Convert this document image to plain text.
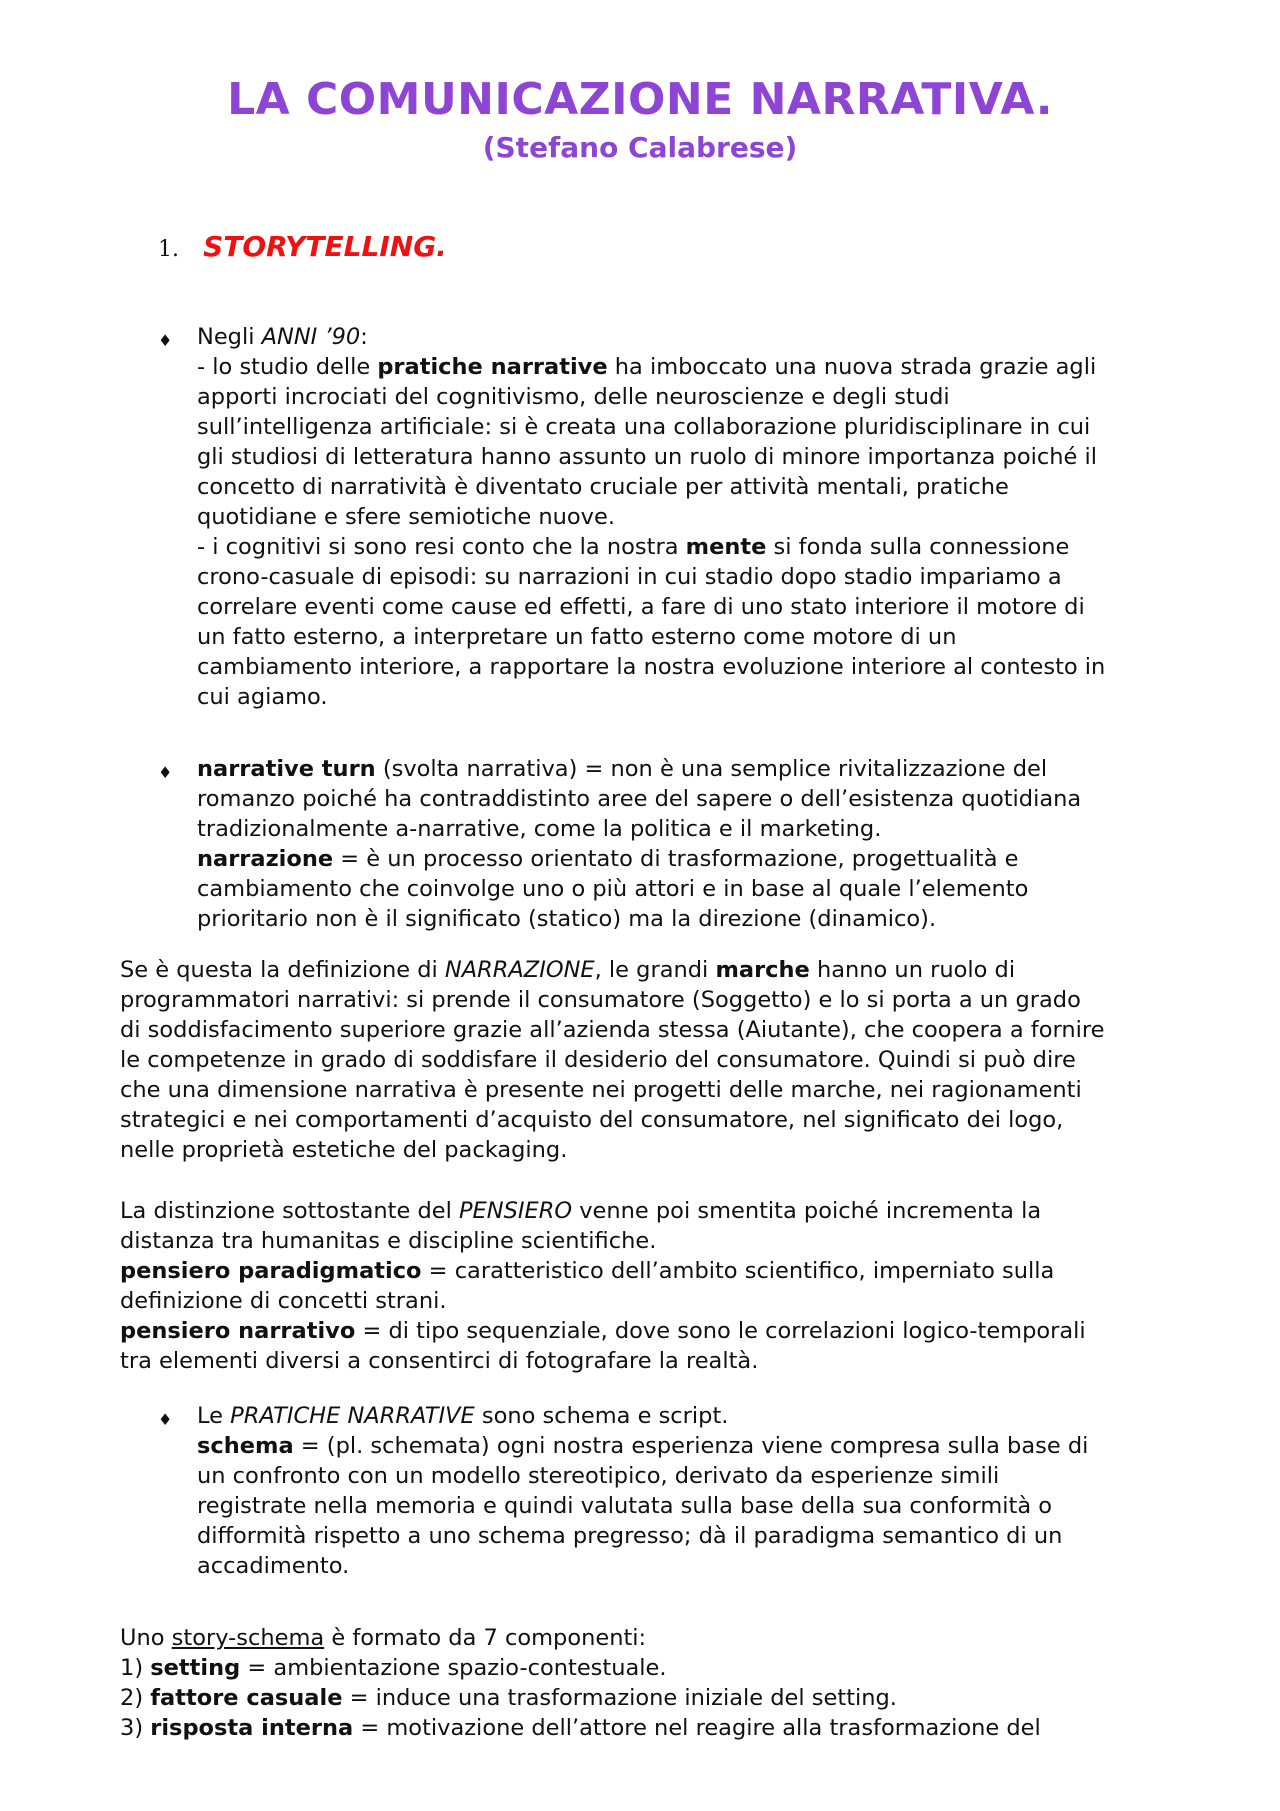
LA COMUNICAZIONE NARRATIVA.
(Stefano Calabrese)
1. STORYTELLING.
♦ Negli ANNI ’90:
- lo studio delle pratiche narrative ha imboccato una nuova strada grazie agli
apporti incrociati del cognitivismo, delle neuroscienze e degli studi
sull’intelligenza artificiale: si è creata una collaborazione pluridisciplinare in cui
gli studiosi di letteratura hanno assunto un ruolo di minore importanza poiché il
concetto di narratività è diventato cruciale per attività mentali, pratiche
quotidiane e sfere semiotiche nuove.
- i cognitivi si sono resi conto che la nostra mente si fonda sulla connessione
crono-casuale di episodi: su narrazioni in cui stadio dopo stadio impariamo a
correlare eventi come cause ed effetti, a fare di uno stato interiore il motore di
un fatto esterno, a interpretare un fatto esterno come motore di un
cambiamento interiore, a rapportare la nostra evoluzione interiore al contesto in
cui agiamo.
♦ narrative turn (svolta narrativa) = non è una semplice rivitalizzazione del
romanzo poiché ha contraddistinto aree del sapere o dell’esistenza quotidiana
tradizionalmente a-narrative, come la politica e il marketing.
narrazione = è un processo orientato di trasformazione, progettualità e
cambiamento che coinvolge uno o più attori e in base al quale l’elemento
prioritario non è il significato (statico) ma la direzione (dinamico).
Se è questa la definizione di NARRAZIONE, le grandi marche hanno un ruolo di
programmatori narrativi: si prende il consumatore (Soggetto) e lo si porta a un grado
di soddisfacimento superiore grazie all’azienda stessa (Aiutante), che coopera a fornire
le competenze in grado di soddisfare il desiderio del consumatore. Quindi si può dire
che una dimensione narrativa è presente nei progetti delle marche, nei ragionamenti
strategici e nei comportamenti d’acquisto del consumatore, nel significato dei logo,
nelle proprietà estetiche del packaging.
La distinzione sottostante del PENSIERO venne poi smentita poiché incrementa la
distanza tra humanitas e discipline scientifiche.
pensiero paradigmatico = caratteristico dell’ambito scientifico, imperniato sulla
definizione di concetti strani.
pensiero narrativo = di tipo sequenziale, dove sono le correlazioni logico-temporali
tra elementi diversi a consentirci di fotografare la realtà.
♦ Le PRATICHE NARRATIVE sono schema e script.
schema = (pl. schemata) ogni nostra esperienza viene compresa sulla base di
un confronto con un modello stereotipico, derivato da esperienze simili
registrate nella memoria e quindi valutata sulla base della sua conformità o
difformità rispetto a uno schema pregresso; dà il paradigma semantico di un
accadimento.
Uno story-schema è formato da 7 componenti:
1) setting = ambientazione spazio-contestuale.
2) fattore casuale = induce una trasformazione iniziale del setting.
3) risposta interna = motivazione dell’attore nel reagire alla trasformazione del
